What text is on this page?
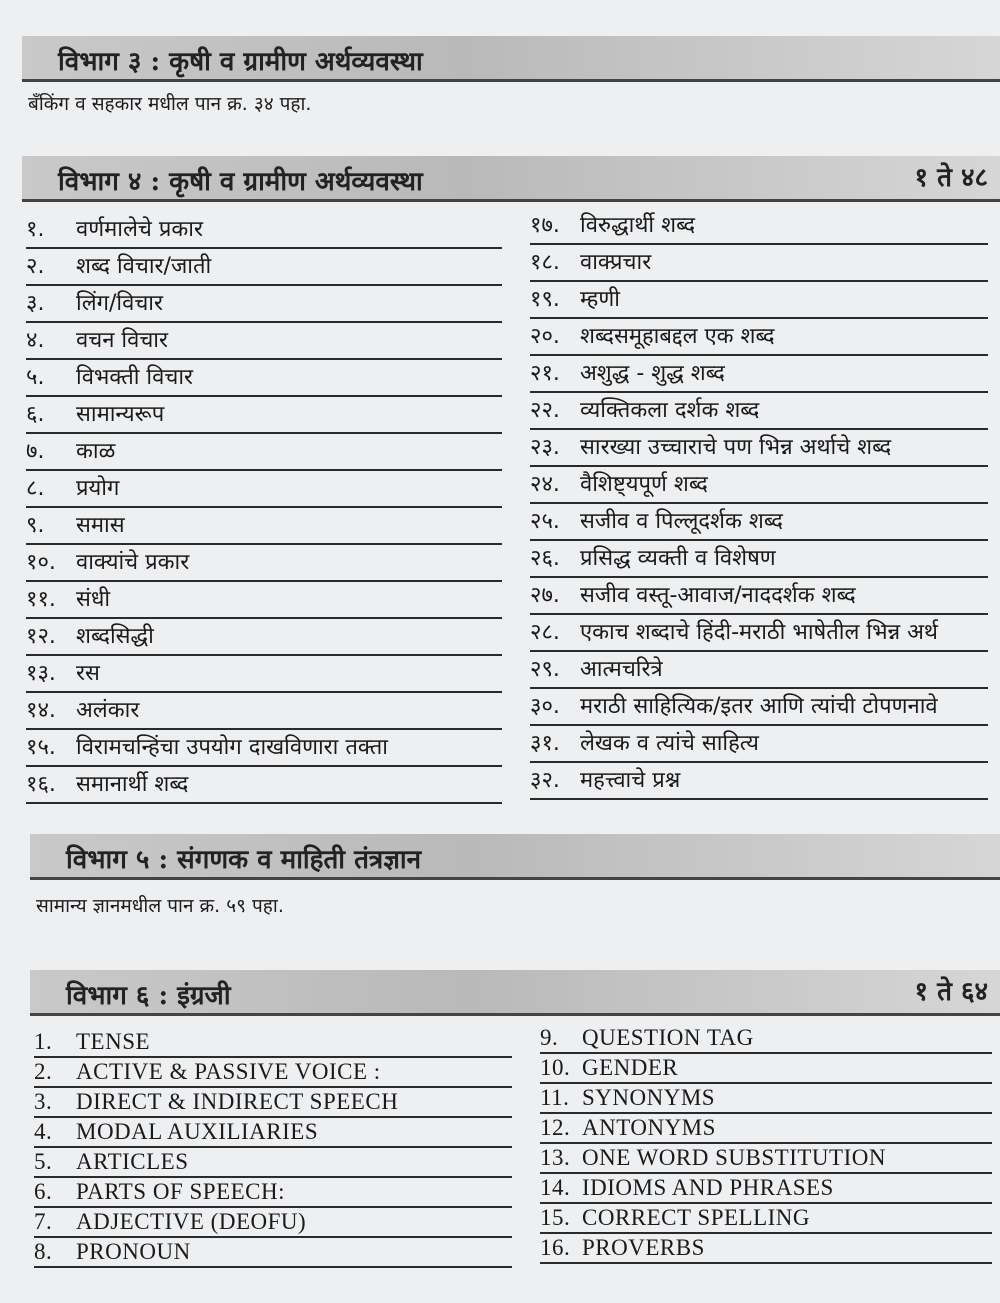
विभाग ३ : कृषी व ग्रामीण अर्थव्यवस्था
बँकिंग व सहकार मधील पान क्र. ३४ पहा.
विभाग ४ : कृषी व ग्रामीण अर्थव्यवस्था	१ ते ४८
१. वर्णमालेचे प्रकार
२. शब्द विचार/जाती
३. लिंग/विचार
४. वचन विचार
५. विभक्ती विचार
६. सामान्यरूप
७. काळ
८. प्रयोग
९. समास
१०. वाक्यांचे प्रकार
११. संधी
१२. शब्दसिद्धी
१३. रस
१४. अलंकार
१५. विरामचन्हिंचा उपयोग दाखविणारा तक्ता
१६. समानार्थी शब्द
१७. विरुद्धार्थी शब्द
१८. वाक्प्रचार
१९. म्हणी
२०. शब्दसमूहाबद्दल एक शब्द
२१. अशुद्ध - शुद्ध शब्द
२२. व्यक्तिकला दर्शक शब्द
२३. सारख्या उच्चाराचे पण भिन्न अर्थाचे शब्द
२४. वैशिष्ट्यपूर्ण शब्द
२५. सजीव व पिल्लूदर्शक शब्द
२६. प्रसिद्ध व्यक्ती व विशेषण
२७. सजीव वस्तू-आवाज/नाददर्शक शब्द
२८. एकाच शब्दाचे हिंदी-मराठी भाषेतील भिन्न अर्थ
२९. आत्मचरित्रे
३०. मराठी साहित्यिक/इतर आणि त्यांची टोपणनावे
३१. लेखक व त्यांचे साहित्य
३२. महत्त्वाचे प्रश्न
विभाग ५ : संगणक व माहिती तंत्रज्ञान
सामान्य ज्ञानमधील पान क्र. ५९ पहा.
विभाग ६ : इंग्रजी	१ ते ६४
1. TENSE
2. ACTIVE & PASSIVE VOICE :
3. DIRECT & INDIRECT SPEECH
4. MODAL AUXILIARIES
5. ARTICLES
6. PARTS OF SPEECH:
7. ADJECTIVE (DEOFU)
8. PRONOUN
9. QUESTION TAG
10. GENDER
11. SYNONYMS
12. ANTONYMS
13. ONE WORD SUBSTITUTION
14. IDIOMS AND PHRASES
15. CORRECT SPELLING
16. PROVERBS
